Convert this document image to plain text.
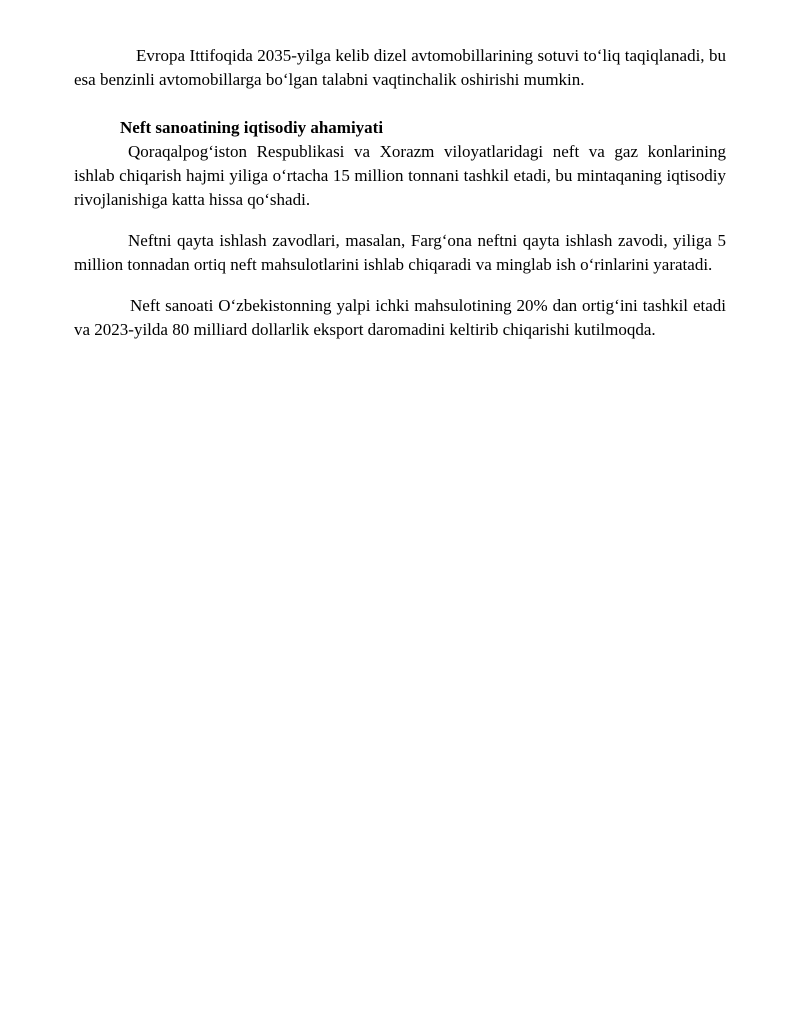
Evropa Ittifoqida 2035-yilga kelib dizel avtomobillarining sotuvi to‘liq taqiqlanadi, bu esa benzinli avtomobillarga bo‘lgan talabni vaqtinchalik oshirishi mumkin.

Neft sanoatining iqtisodiy ahamiyati

Qoraqalpog‘iston Respublikasi va Xorazm viloyatlaridagi neft va gaz konlarining ishlab chiqarish hajmi yiliga o‘rtacha 15 million tonnani tashkil etadi, bu mintaqaning iqtisodiy rivojlanishiga katta hissa qo‘shadi.

Neftni qayta ishlash zavodlari, masalan, Farg‘ona neftni qayta ishlash zavodi, yiliga 5 million tonnadan ortiq neft mahsulotlarini ishlab chiqaradi va minglab ish o‘rinlarini yaratadi.

Neft sanoati O‘zbekistonning yalpi ichki mahsulotining 20% dan ortig‘ini tashkil etadi va 2023-yilda 80 milliard dollarlik eksport daromadini keltirib chiqarishi kutilmoqda.
